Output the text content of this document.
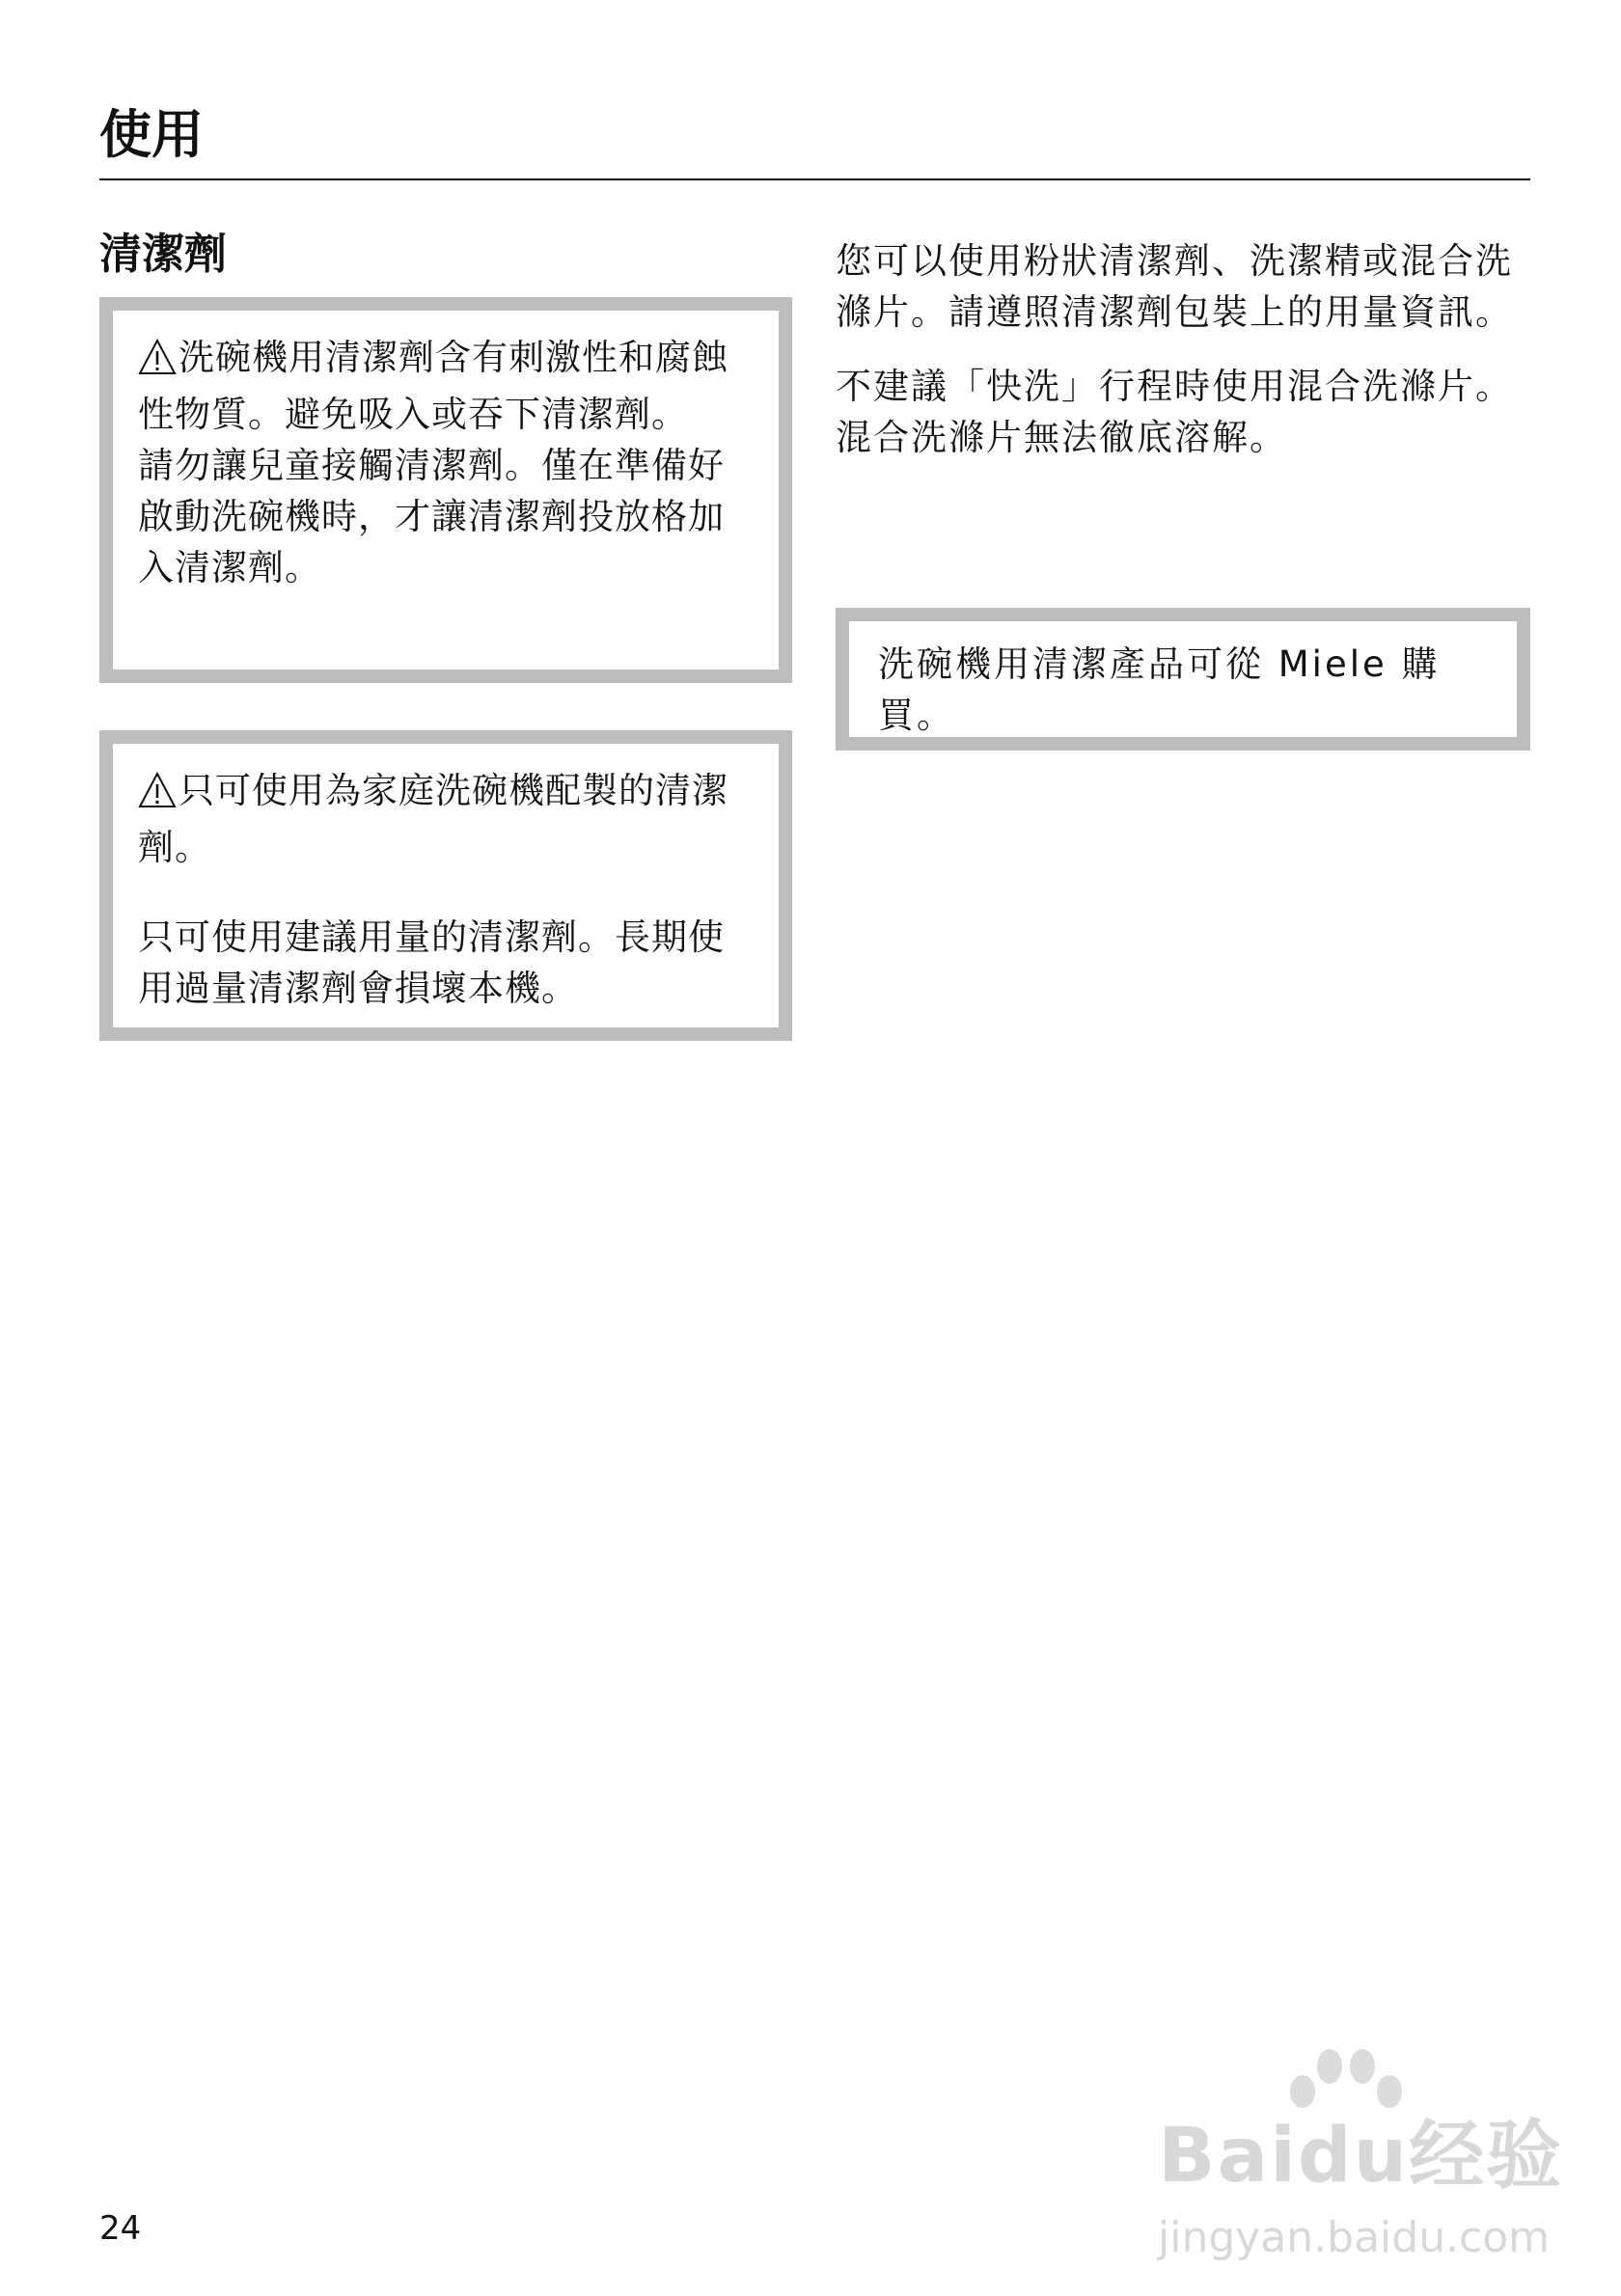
使用
清潔劑

洗碗機用清潔劑含有刺激性和腐蝕性物質。避免吸入或吞下清潔劑。

請勿讓兒童接觸清潔劑。僅在準備好啟動洗碗機時，才讓清潔劑投放格加入清潔劑。

只可使用為家庭洗碗機配製的清潔劑。

只可使用建議用量的清潔劑。長期使用過量清潔劑會損壞本機。

您可以使用粉狀清潔劑、洗潔精或混合洗滌片。請遵照清潔劑包裝上的用量資訊。

不建議「快洗」行程時使用混合洗滌片。混合洗滌片無法徹底溶解。

洗碗機用清潔產品可從 Miele 購買。

24
Baidu经验
jingyan.baidu.com
